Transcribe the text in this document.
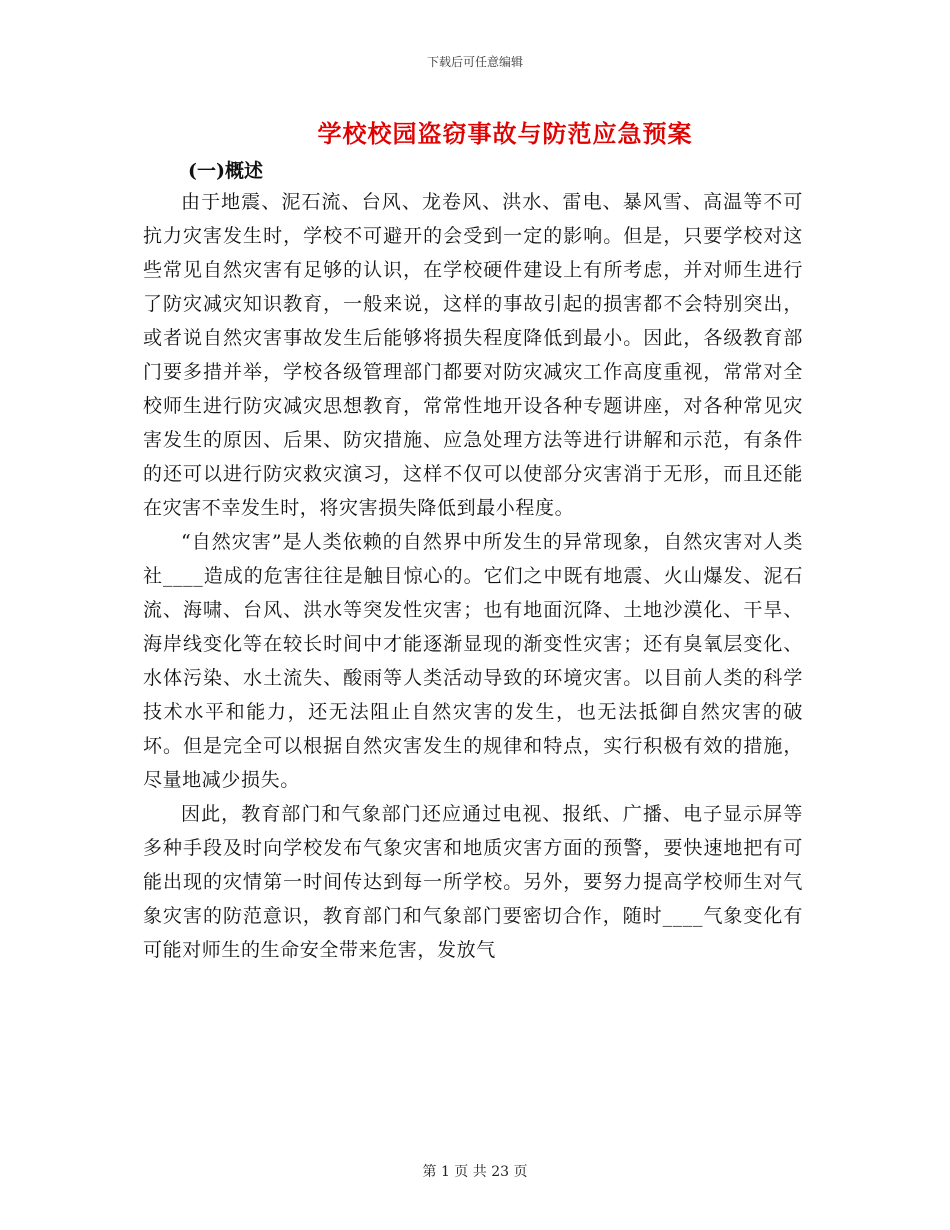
下载后可任意编辑
学校校园盗窃事故与防范应急预案
(一)概述

由于地震、泥石流、台风、龙卷风、洪水、雷电、暴风雪、高温等不可抗力灾害发生时，学校不可避开的会受到一定的影响。但是，只要学校对这些常见自然灾害有足够的认识，在学校硬件建设上有所考虑，并对师生进行了防灾减灾知识教育，一般来说，这样的事故引起的损害都不会特别突出，或者说自然灾害事故发生后能够将损失程度降低到最小。因此，各级教育部门要多措并举，学校各级管理部门都要对防灾减灾工作高度重视，常常对全校师生进行防灾减灾思想教育，常常性地开设各种专题讲座，对各种常见灾害发生的原因、后果、防灾措施、应急处理方法等进行讲解和示范，有条件的还可以进行防灾救灾演习，这样不仅可以使部分灾害消于无形，而且还能在灾害不幸发生时，将灾害损失降低到最小程度。

“自然灾害”是人类依赖的自然界中所发生的异常现象，自然灾害对人类社____造成的危害往往是触目惊心的。它们之中既有地震、火山爆发、泥石流、海啸、台风、洪水等突发性灾害；也有地面沉降、土地沙漠化、干旱、海岸线变化等在较长时间中才能逐渐显现的渐变性灾害；还有臭氧层变化、水体污染、水土流失、酸雨等人类活动导致的环境灾害。以目前人类的科学技术水平和能力，还无法阻止自然灾害的发生，也无法抵御自然灾害的破坏。但是完全可以根据自然灾害发生的规律和特点，实行积极有效的措施，尽量地减少损失。

因此，教育部门和气象部门还应通过电视、报纸、广播、电子显示屏等多种手段及时向学校发布气象灾害和地质灾害方面的预警，要快速地把有可能出现的灾情第一时间传达到每一所学校。另外，要努力提高学校师生对气象灾害的防范意识，教育部门和气象部门要密切合作，随时____气象变化有可能对师生的生命安全带来危害，发放气

第 1 页 共 23 页
